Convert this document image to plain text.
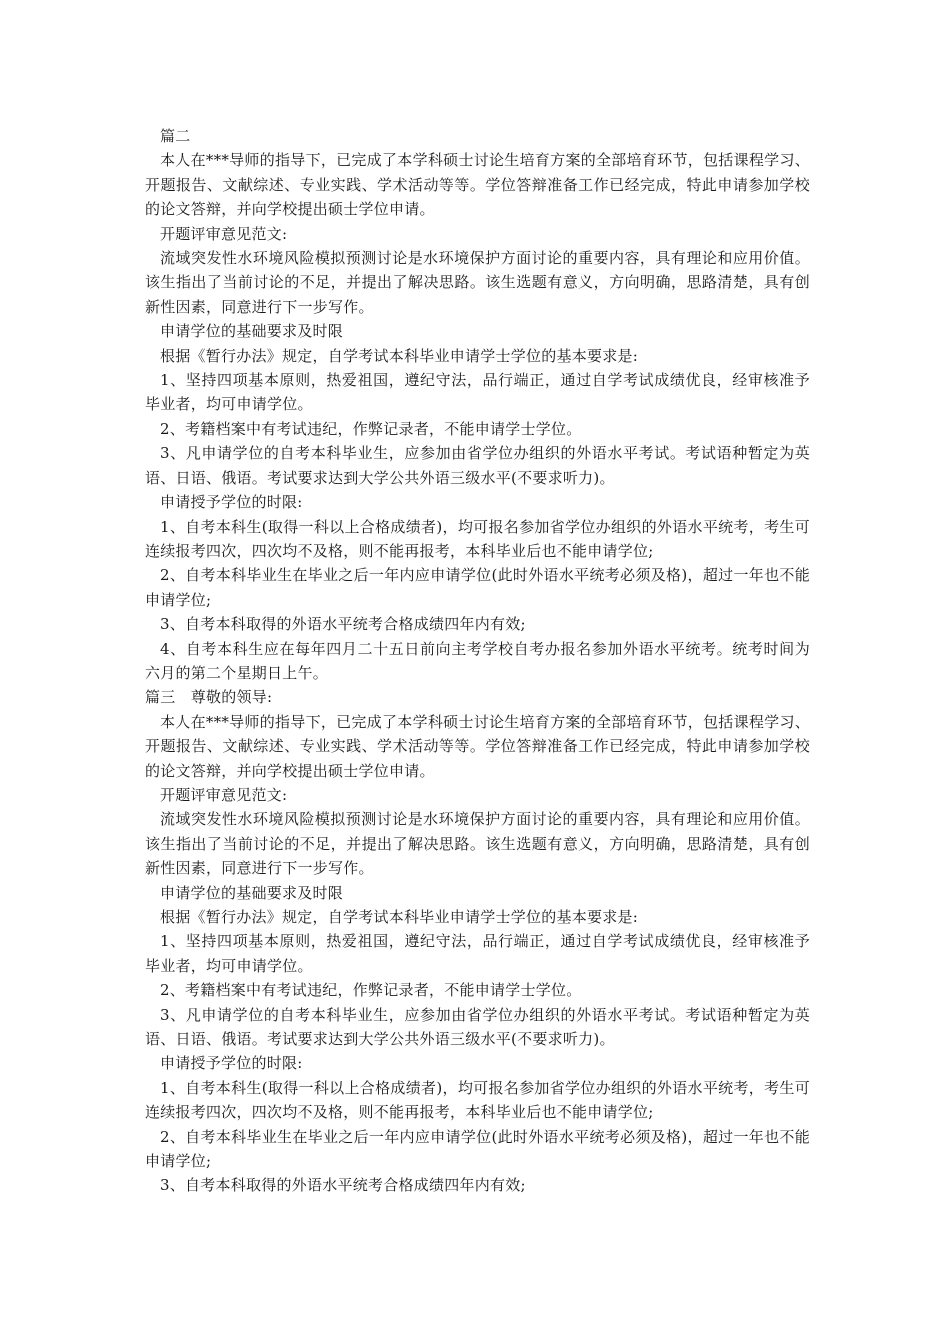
篇二

本人在***导师的指导下，已完成了本学科硕士讨论生培育方案的全部培育环节，包括课程学习、开题报告、文献综述、专业实践、学术活动等等。学位答辩准备工作已经完成，特此申请参加学校的论文答辩，并向学校提出硕士学位申请。

开题评审意见范文:

流域突发性水环境风险模拟预测讨论是水环境保护方面讨论的重要内容，具有理论和应用价值。该生指出了当前讨论的不足，并提出了解决思路。该生选题有意义，方向明确，思路清楚，具有创新性因素，同意进行下一步写作。

申请学位的基础要求及时限

根据《暂行办法》规定，自学考试本科毕业申请学士学位的基本要求是:

1、坚持四项基本原则，热爱祖国，遵纪守法，品行端正，通过自学考试成绩优良，经审核准予毕业者，均可申请学位。

2、考籍档案中有考试违纪，作弊记录者，不能申请学士学位。

3、凡申请学位的自考本科毕业生，应参加由省学位办组织的外语水平考试。考试语种暂定为英语、日语、俄语。考试要求达到大学公共外语三级水平(不要求听力)。

申请授予学位的时限:

1、自考本科生(取得一科以上合格成绩者)，均可报名参加省学位办组织的外语水平统考，考生可连续报考四次，四次均不及格，则不能再报考，本科毕业后也不能申请学位;

2、自考本科毕业生在毕业之后一年内应申请学位(此时外语水平统考必须及格)，超过一年也不能申请学位;

3、自考本科取得的外语水平统考合格成绩四年内有效;

4、自考本科生应在每年四月二十五日前向主考学校自考办报名参加外语水平统考。统考时间为六月的第二个星期日上午。

篇三　尊敬的领导:

本人在***导师的指导下，已完成了本学科硕士讨论生培育方案的全部培育环节，包括课程学习、开题报告、文献综述、专业实践、学术活动等等。学位答辩准备工作已经完成，特此申请参加学校的论文答辩，并向学校提出硕士学位申请。

开题评审意见范文:

流域突发性水环境风险模拟预测讨论是水环境保护方面讨论的重要内容，具有理论和应用价值。该生指出了当前讨论的不足，并提出了解决思路。该生选题有意义，方向明确，思路清楚，具有创新性因素，同意进行下一步写作。

申请学位的基础要求及时限

根据《暂行办法》规定，自学考试本科毕业申请学士学位的基本要求是:

1、坚持四项基本原则，热爱祖国，遵纪守法，品行端正，通过自学考试成绩优良，经审核准予毕业者，均可申请学位。

2、考籍档案中有考试违纪，作弊记录者，不能申请学士学位。

3、凡申请学位的自考本科毕业生，应参加由省学位办组织的外语水平考试。考试语种暂定为英语、日语、俄语。考试要求达到大学公共外语三级水平(不要求听力)。

申请授予学位的时限:

1、自考本科生(取得一科以上合格成绩者)，均可报名参加省学位办组织的外语水平统考，考生可连续报考四次，四次均不及格，则不能再报考，本科毕业后也不能申请学位;

2、自考本科毕业生在毕业之后一年内应申请学位(此时外语水平统考必须及格)，超过一年也不能申请学位;

3、自考本科取得的外语水平统考合格成绩四年内有效;
